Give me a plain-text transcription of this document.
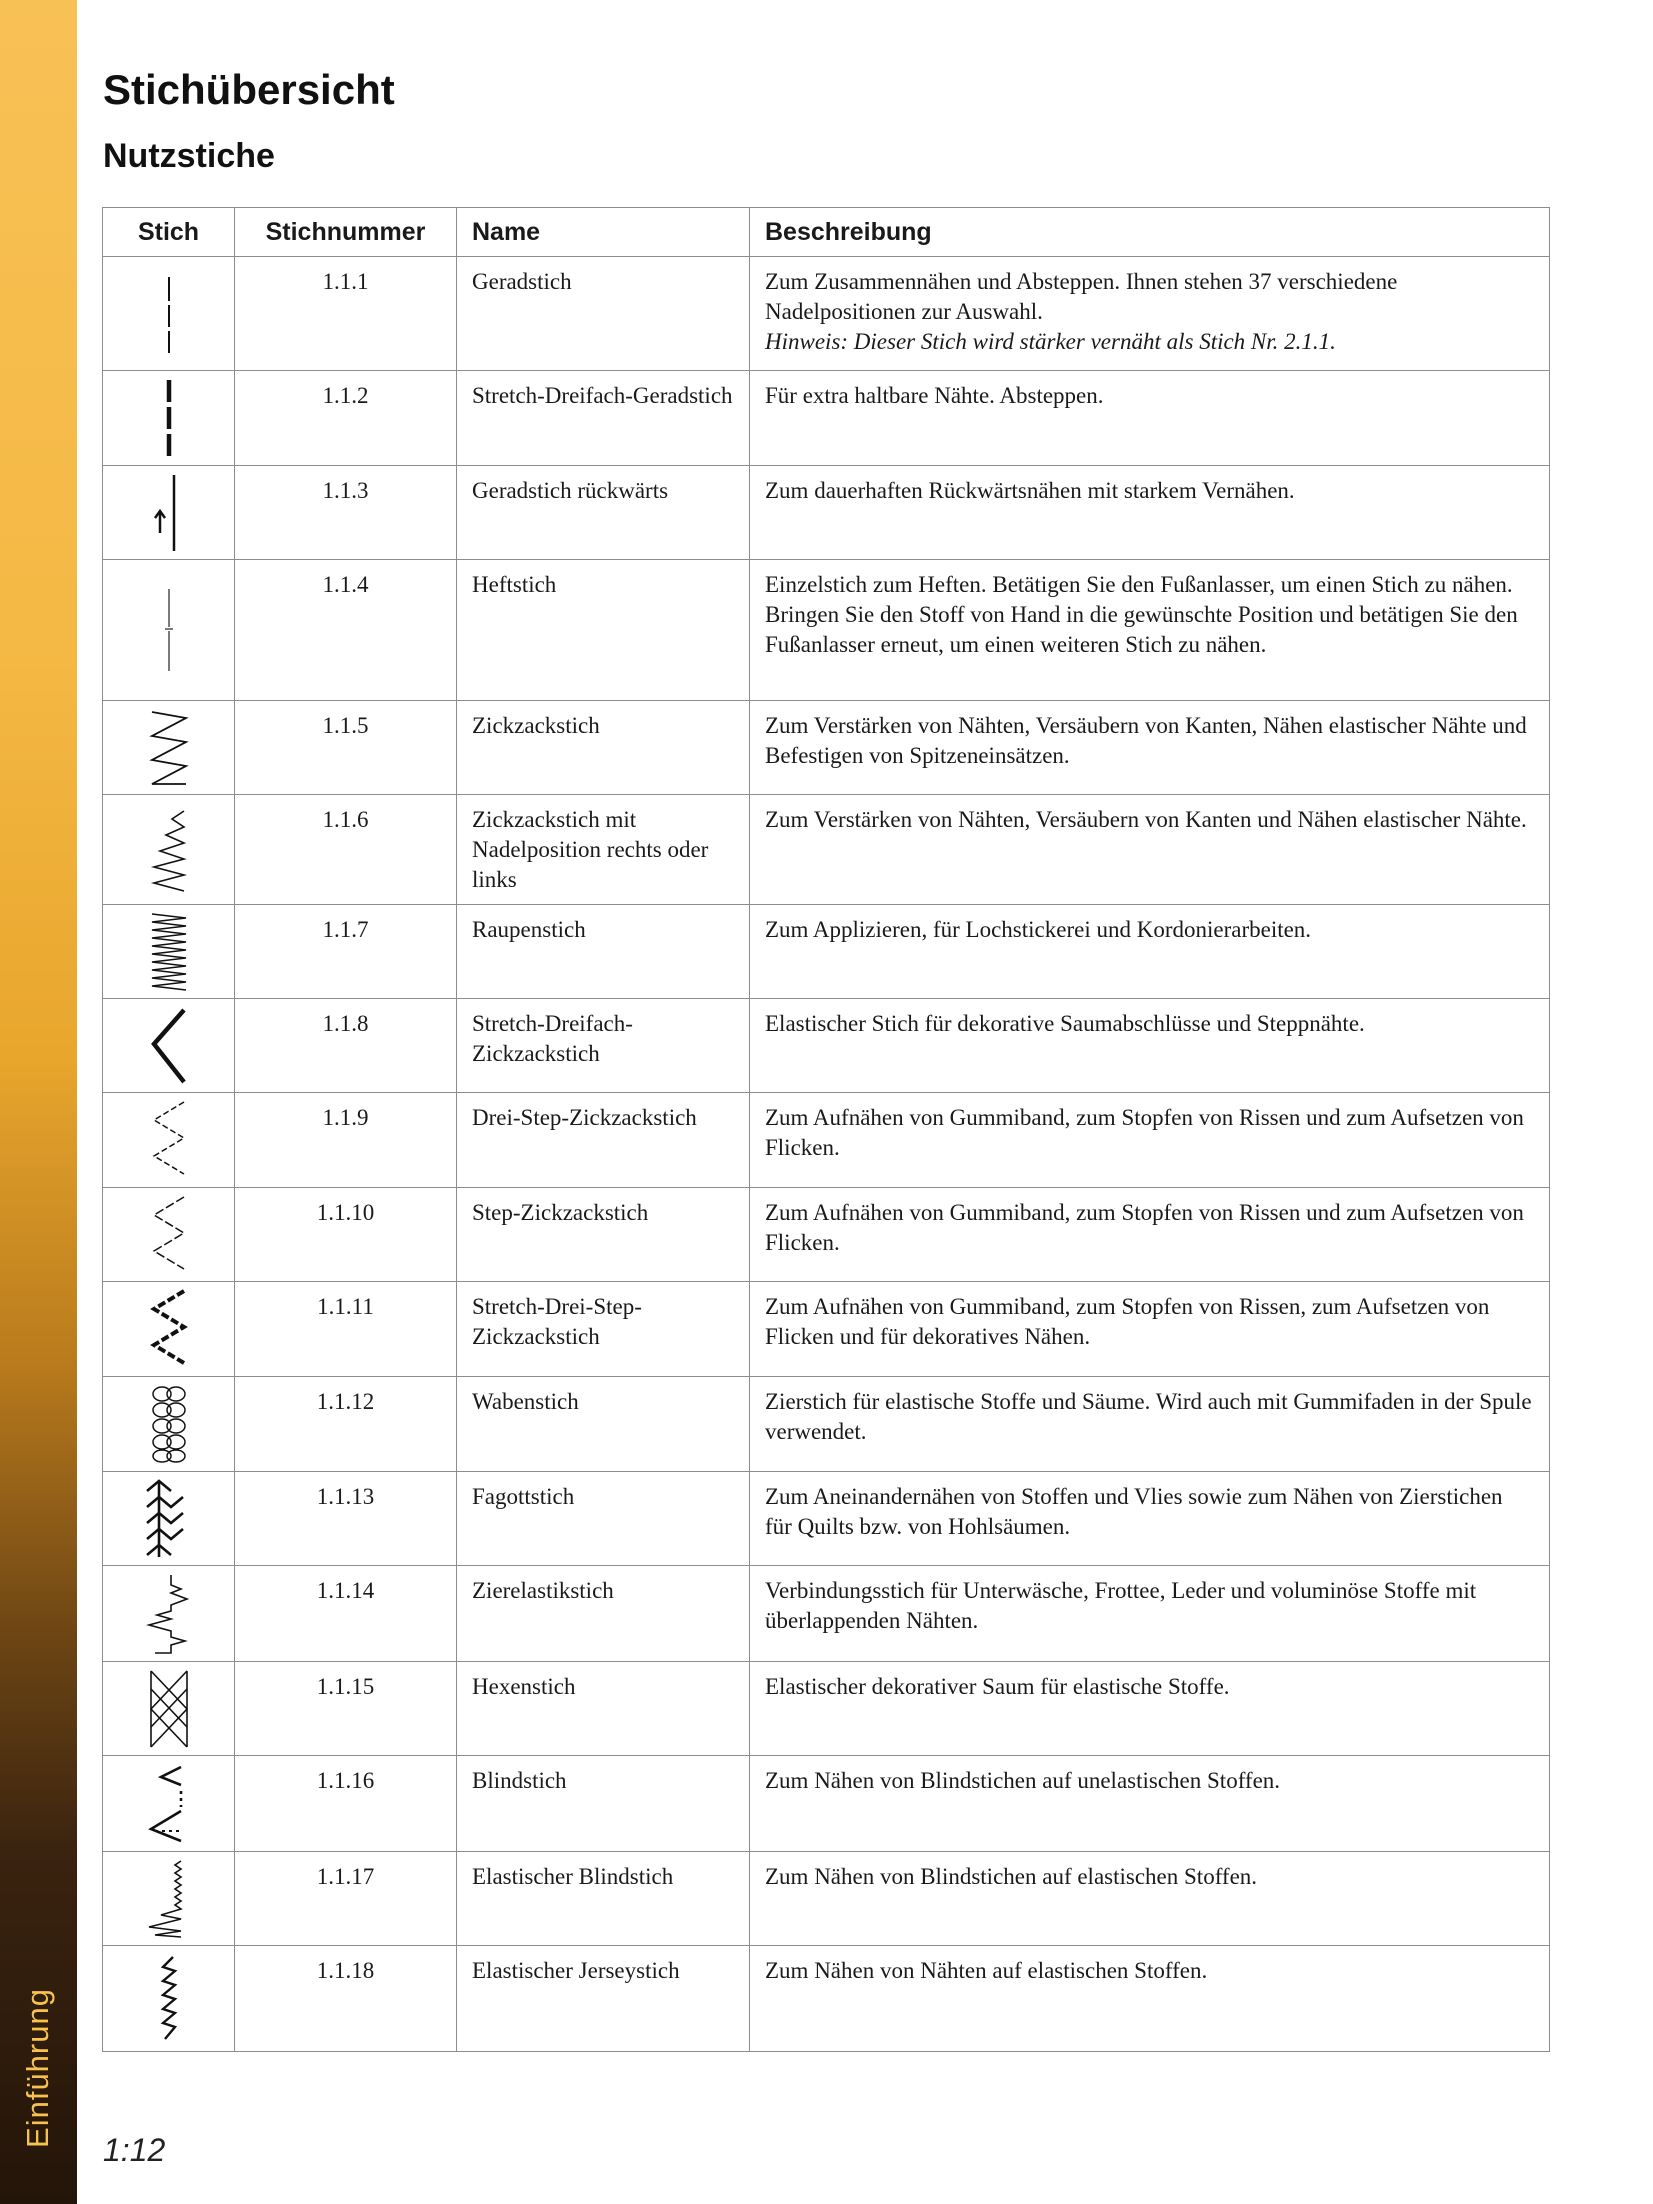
Einführung
Stichübersicht
Nutzstiche
Stich	Stichnummer	Name	Beschreibung

	1.1.1	Geradstich	Zum Zusammennähen und Absteppen. Ihnen stehen 37 verschiedene Nadelpositionen zur Auswahl.
Hinweis: Dieser Stich wird stärker vernäht als Stich Nr. 2.1.1.

	1.1.2	Stretch-Dreifach-Geradstich	Für extra haltbare Nähte. Absteppen.

	1.1.3	Geradstich rückwärts	Zum dauerhaften Rückwärtsnähen mit starkem Vernähen.

	1.1.4	Heftstich	Einzelstich zum Heften. Betätigen Sie den Fußanlasser, um einen Stich zu nähen. Bringen Sie den Stoff von Hand in die gewünschte Position und betätigen Sie den Fußanlasser erneut, um einen weiteren Stich zu nähen.

	1.1.5	Zickzackstich	Zum Verstärken von Nähten, Versäubern von Kanten, Nähen elastischer Nähte und Befestigen von Spitzeneinsätzen.

	1.1.6	Zickzackstich mit Nadelposition rechts oder links	Zum Verstärken von Nähten, Versäubern von Kanten und Nähen elastischer Nähte.

	1.1.7	Raupenstich	Zum Applizieren, für Lochstickerei und Kordonierarbeiten.

	1.1.8	Stretch-Dreifach-Zickzackstich	Elastischer Stich für dekorative Saumabschlüsse und Steppnähte.

	1.1.9	Drei-Step-Zickzackstich	Zum Aufnähen von Gummiband, zum Stopfen von Rissen und zum Aufsetzen von Flicken.

	1.1.10	Step-Zickzackstich	Zum Aufnähen von Gummiband, zum Stopfen von Rissen und zum Aufsetzen von Flicken.

	1.1.11	Stretch-Drei-Step-Zickzackstich	Zum Aufnähen von Gummiband, zum Stopfen von Rissen, zum Aufsetzen von Flicken und für dekoratives Nähen.

	1.1.12	Wabenstich	Zierstich für elastische Stoffe und Säume. Wird auch mit Gummifaden in der Spule verwendet.

	1.1.13	Fagottstich	Zum Aneinandernähen von Stoffen und Vlies sowie zum Nähen von Zierstichen für Quilts bzw. von Hohlsäumen.

	1.1.14	Zierelastikstich	Verbindungsstich für Unterwäsche, Frottee, Leder und voluminöse Stoffe mit überlappenden Nähten.

	1.1.15	Hexenstich	Elastischer dekorativer Saum für elastische Stoffe.

	1.1.16	Blindstich	Zum Nähen von Blindstichen auf unelastischen Stoffen.

	1.1.17	Elastischer Blindstich	Zum Nähen von Blindstichen auf elastischen Stoffen.

	1.1.18	Elastischer Jerseystich	Zum Nähen von Nähten auf elastischen Stoffen.
1:12
